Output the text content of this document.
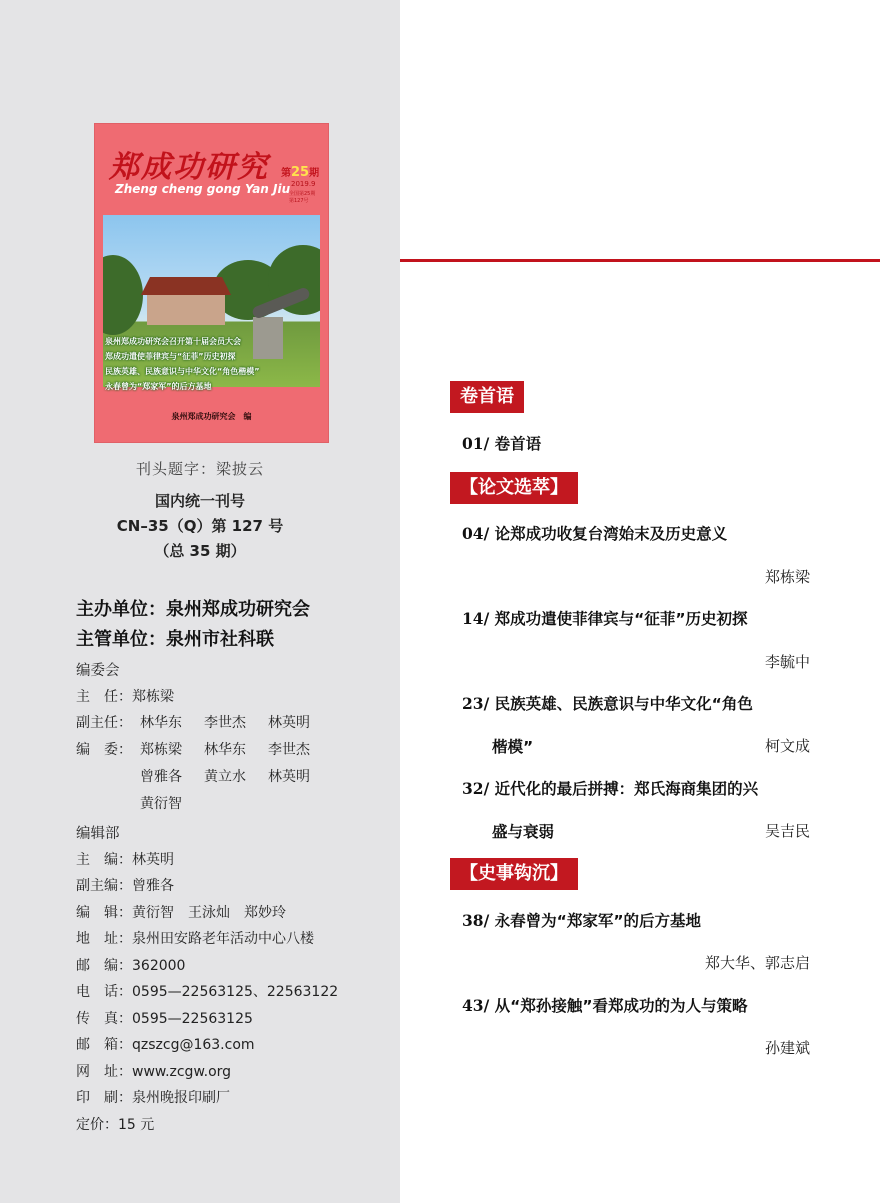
郑成功研究 第25期
2019.9
全国第25期
第127号
Zheng cheng gong Yan Jiu
泉州郑成功研究会召开第十届会员大会
郑成功遣使菲律宾与“征菲”历史初探
民族英雄、民族意识与中华文化“角色楷模”
永春曾为“郑家军”的后方基地
泉州郑成功研究会　编
刊头题字：梁披云
国内统一刊号
CN–35（Q）第 127 号
（总 35 期）
主办单位：泉州郑成功研究会
主管单位：泉州市社科联
编委会
主　任：郑栋梁
副主任： 林华东 李世杰 林英明
编　委： 郑栋梁 林华东 李世杰
曾雅各 黄立水 林英明
黄衍智
编辑部
主　编：林英明
副主编：曾雅各
编　辑：黄衍智　王泳灿　郑妙玲
地　址：泉州田安路老年活动中心八楼
邮　编：362000
电　话：0595—22563125、22563122
传　真：0595—22563125
邮　箱：qzszcg@163.com
网　址：www.zcgw.org
印　刷：泉州晚报印刷厂
定价：15 元
卷首语
01/ 卷首语
【论文选萃】
04/ 论郑成功收复台湾始末及历史意义
郑栋梁
14/ 郑成功遣使菲律宾与“征菲”历史初探
李毓中
23/ 民族英雄、民族意识与中华文化“角色
楷模”	柯文成
32/ 近代化的最后拼搏：郑氏海商集团的兴
盛与衰弱	吴吉民
【史事钩沉】
38/ 永春曾为“郑家军”的后方基地
郑大华、郭志启
43/ 从“郑孙接触”看郑成功的为人与策略
孙建斌
